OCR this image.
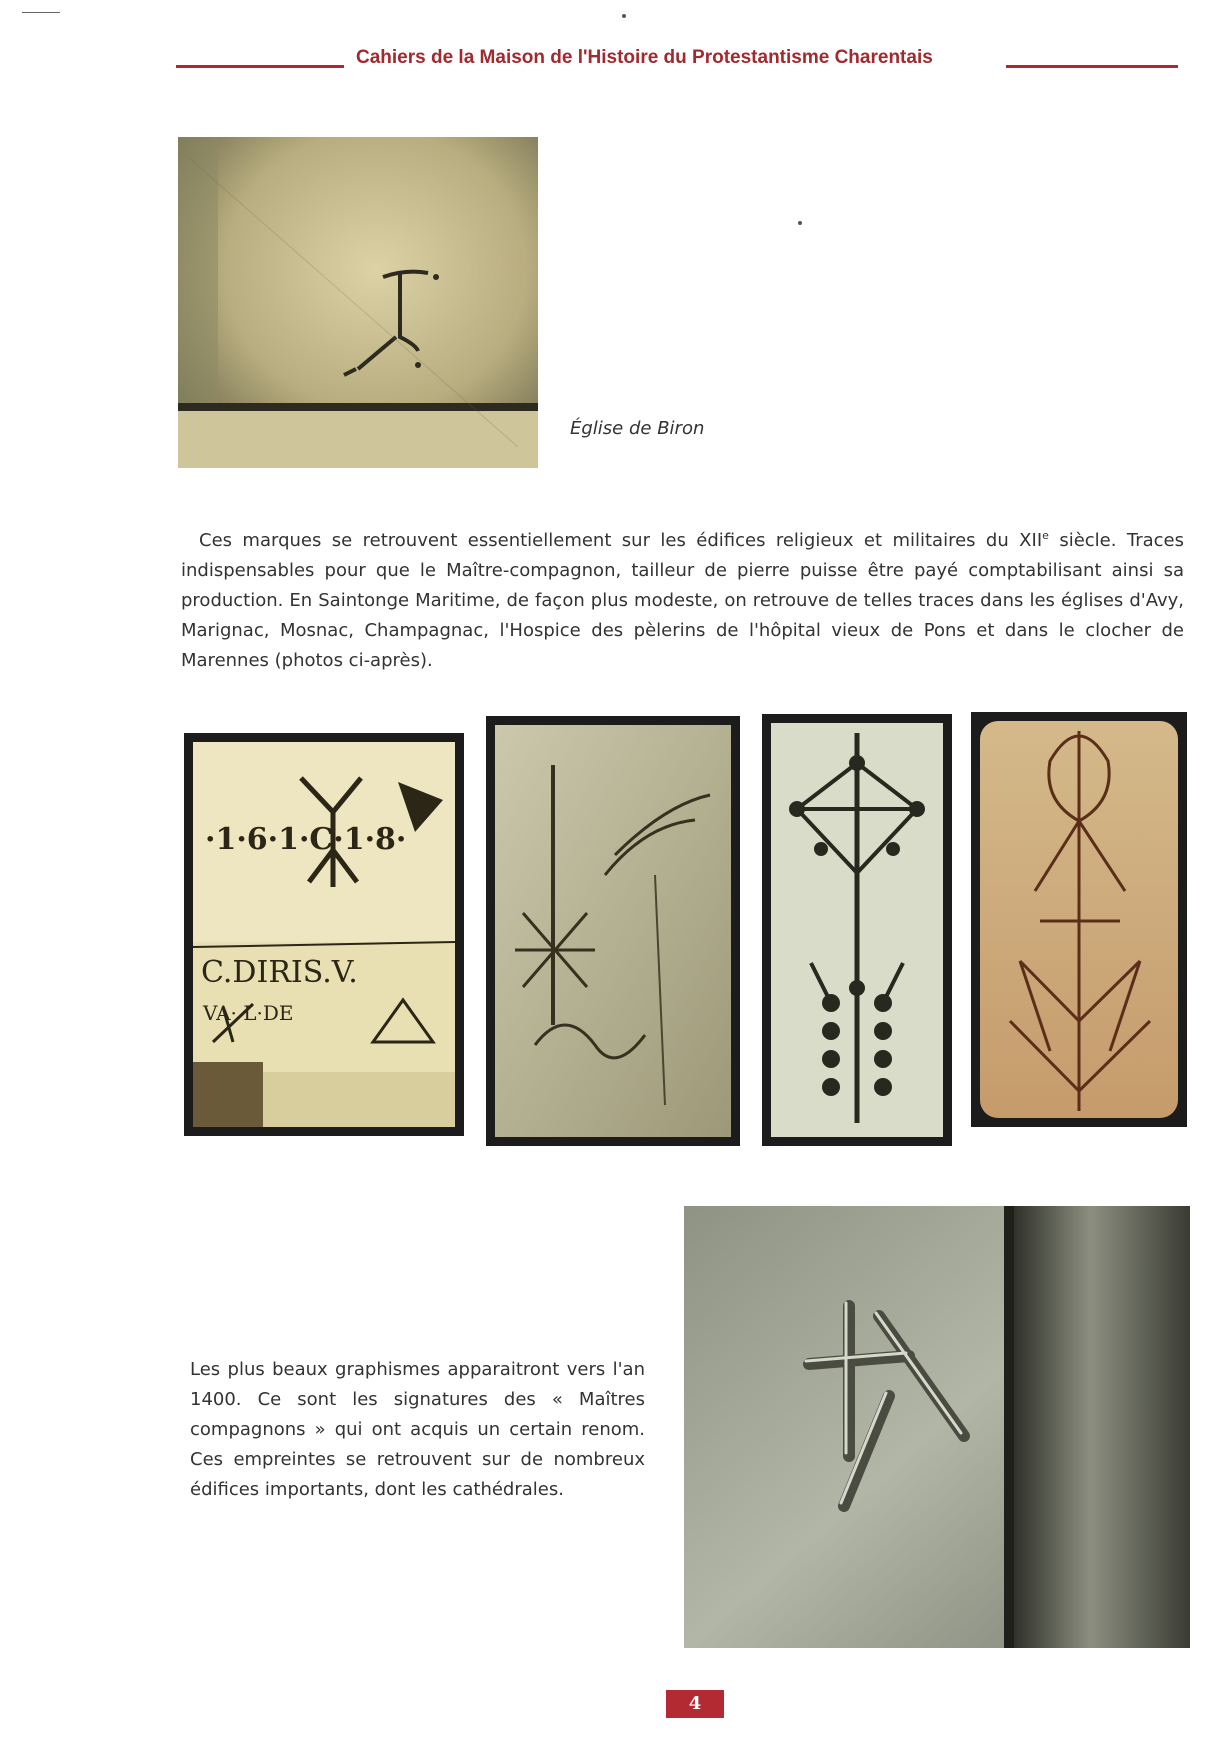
Cahiers de la Maison de l'Histoire du Protestantisme Charentais
Église de Biron

Ces marques se retrouvent essentiellement sur les édifices religieux et militaires du XIIe siècle. Traces indispensables pour que le Maître-compagnon, tailleur de pierre puisse être payé comptabilisant ainsi sa production. En Saintonge Maritime, de façon plus modeste, on retrouve de telles traces dans les églises d'Avy, Marignac, Mosnac, Champagnac, l'Hospice des pèlerins de l'hôpital vieux de Pons et dans le clocher de Marennes (photos ci-après).

·1·6·1·C·1·8·
C.DIRIS.V.
VA· L·DE

Les plus beaux graphismes apparaitront vers l'an 1400. Ce sont les signatures des « Maîtres compagnons » qui ont acquis un certain renom. Ces empreintes se retrouvent sur de nombreux édifices importants, dont les cathédrales.

4
